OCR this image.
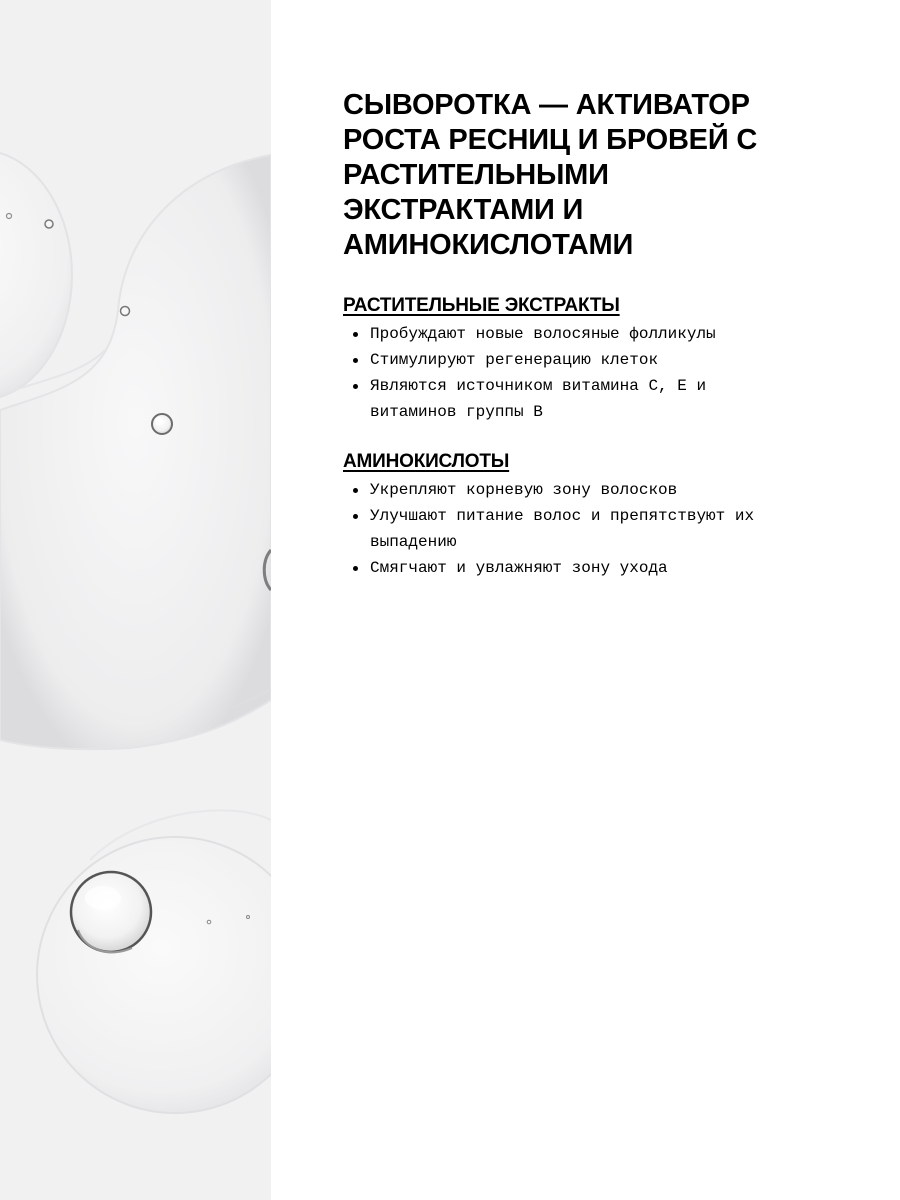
СЫВОРОТКА — АКТИВАТОР РОСТА РЕСНИЦ И БРОВЕЙ С РАСТИТЕЛЬНЫМИ ЭКСТРАКТАМИ И АМИНОКИСЛОТАМИ
РАСТИТЕЛЬНЫЕ ЭКСТРАКТЫ
Пробуждают новые волосяные фолликулы
Стимулируют регенерацию клеток
Являются источником витамина С, Е и витаминов группы В
АМИНОКИСЛОТЫ
Укрепляют корневую зону волосков
Улучшают питание волос и препятствуют их выпадению
Смягчают и увлажняют зону ухода
